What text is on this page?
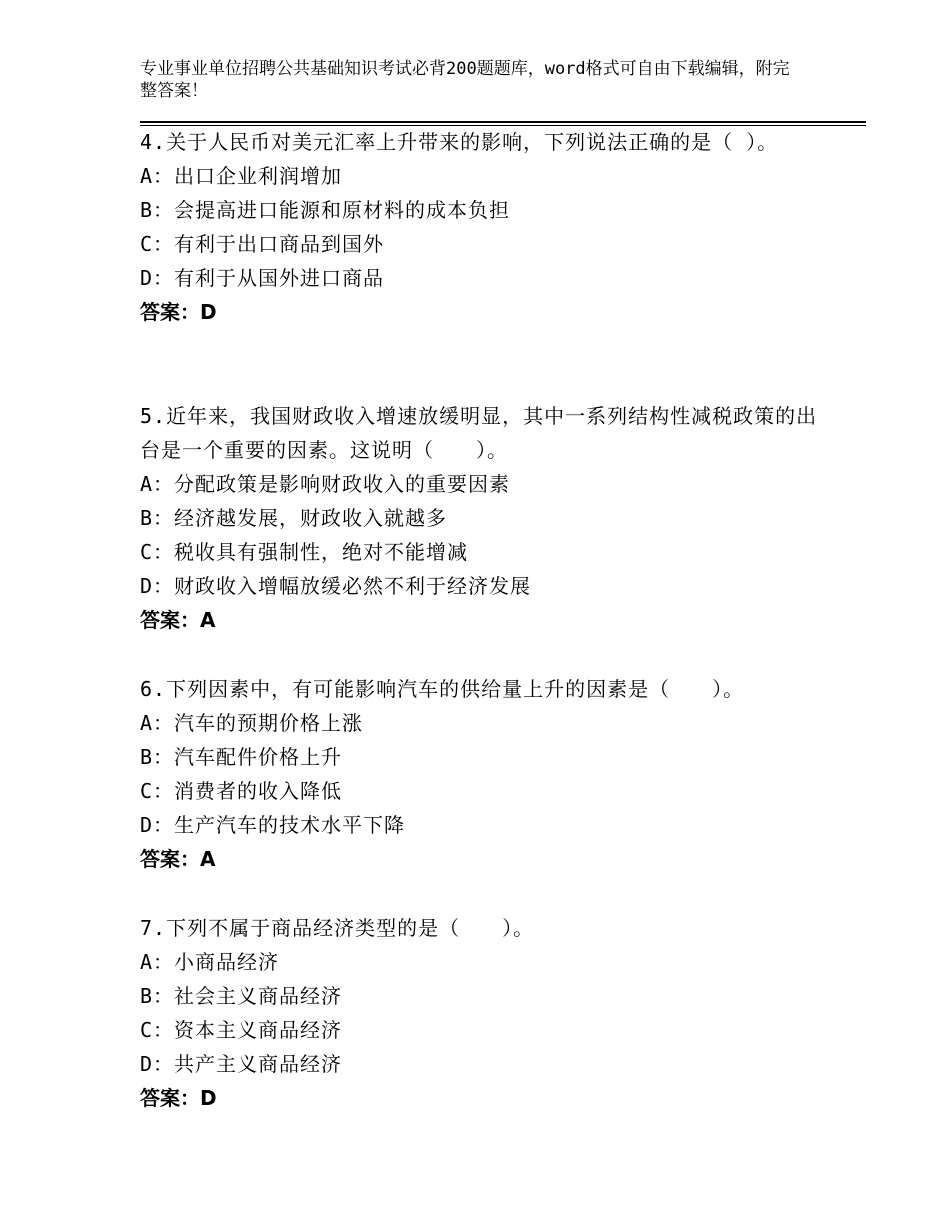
专业事业单位招聘公共基础知识考试必背200题题库，word格式可自由下载编辑，附完整答案！

4.关于人民币对美元汇率上升带来的影响，下列说法正确的是（ ）。

A：出口企业利润增加

B：会提高进口能源和原材料的成本负担

C：有利于出口商品到国外

D：有利于从国外进口商品

答案：D

5.近年来，我国财政收入增速放缓明显，其中一系列结构性减税政策的出台是一个重要的因素。这说明（　　）。

A：分配政策是影响财政收入的重要因素

B：经济越发展，财政收入就越多

C：税收具有强制性，绝对不能增减

D：财政收入增幅放缓必然不利于经济发展

答案：A

6.下列因素中，有可能影响汽车的供给量上升的因素是（　　）。

A：汽车的预期价格上涨

B：汽车配件价格上升

C：消费者的收入降低

D：生产汽车的技术水平下降

答案：A

7.下列不属于商品经济类型的是（　　）。

A：小商品经济

B：社会主义商品经济

C：资本主义商品经济

D：共产主义商品经济

答案：D
